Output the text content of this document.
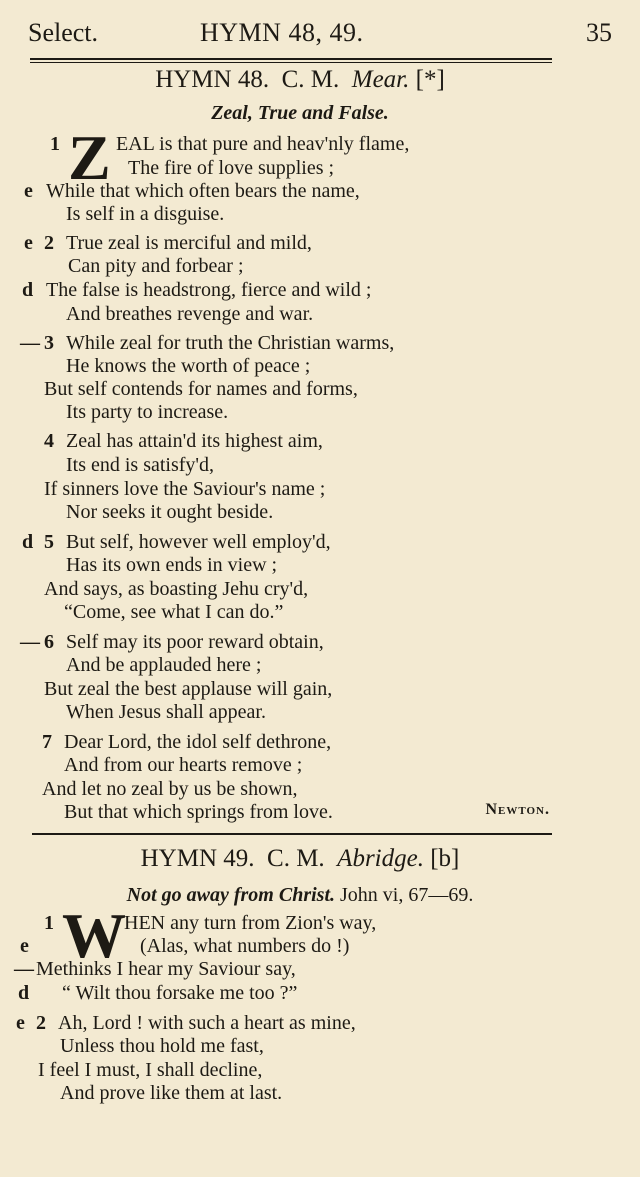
Select.	HYMN 48, 49.	35
HYMN 48. C. M. Mear. [*]
Zeal, True and False.
1 Z EAL is that pure and heav'nly flame,
The fire of love supplies ;
e While that which often bears the name,
Is self in a disguise.
e 2 True zeal is merciful and mild,
Can pity and forbear ;
d The false is headstrong, fierce and wild ;
And breathes revenge and war.
— 3 While zeal for truth the Christian warms,
He knows the worth of peace ;
But self contends for names and forms,
Its party to increase.
4 Zeal has attain'd its highest aim,
Its end is satisfy'd,
If sinners love the Saviour's name ;
Nor seeks it ought beside.
d 5 But self, however well employ'd,
Has its own ends in view ;
And says, as boasting Jehu cry'd,
“Come, see what I can do.”
— 6 Self may its poor reward obtain,
And be applauded here ;
But zeal the best applause will gain,
When Jesus shall appear.
7 Dear Lord, the idol self dethrone,
And from our hearts remove ;
And let no zeal by us be shown,
But that which springs from love.	Newton.
HYMN 49. C. M. Abridge. [b]
Not go away from Christ. John vi, 67—69.
1 W
HEN any turn from Zion's way,
e	(Alas, what numbers do !)
— Methinks I hear my Saviour say,
d “ Wilt thou forsake me too ?”
e 2 Ah, Lord ! with such a heart as mine,
Unless thou hold me fast,
I feel I must, I shall decline,
And prove like them at last.
